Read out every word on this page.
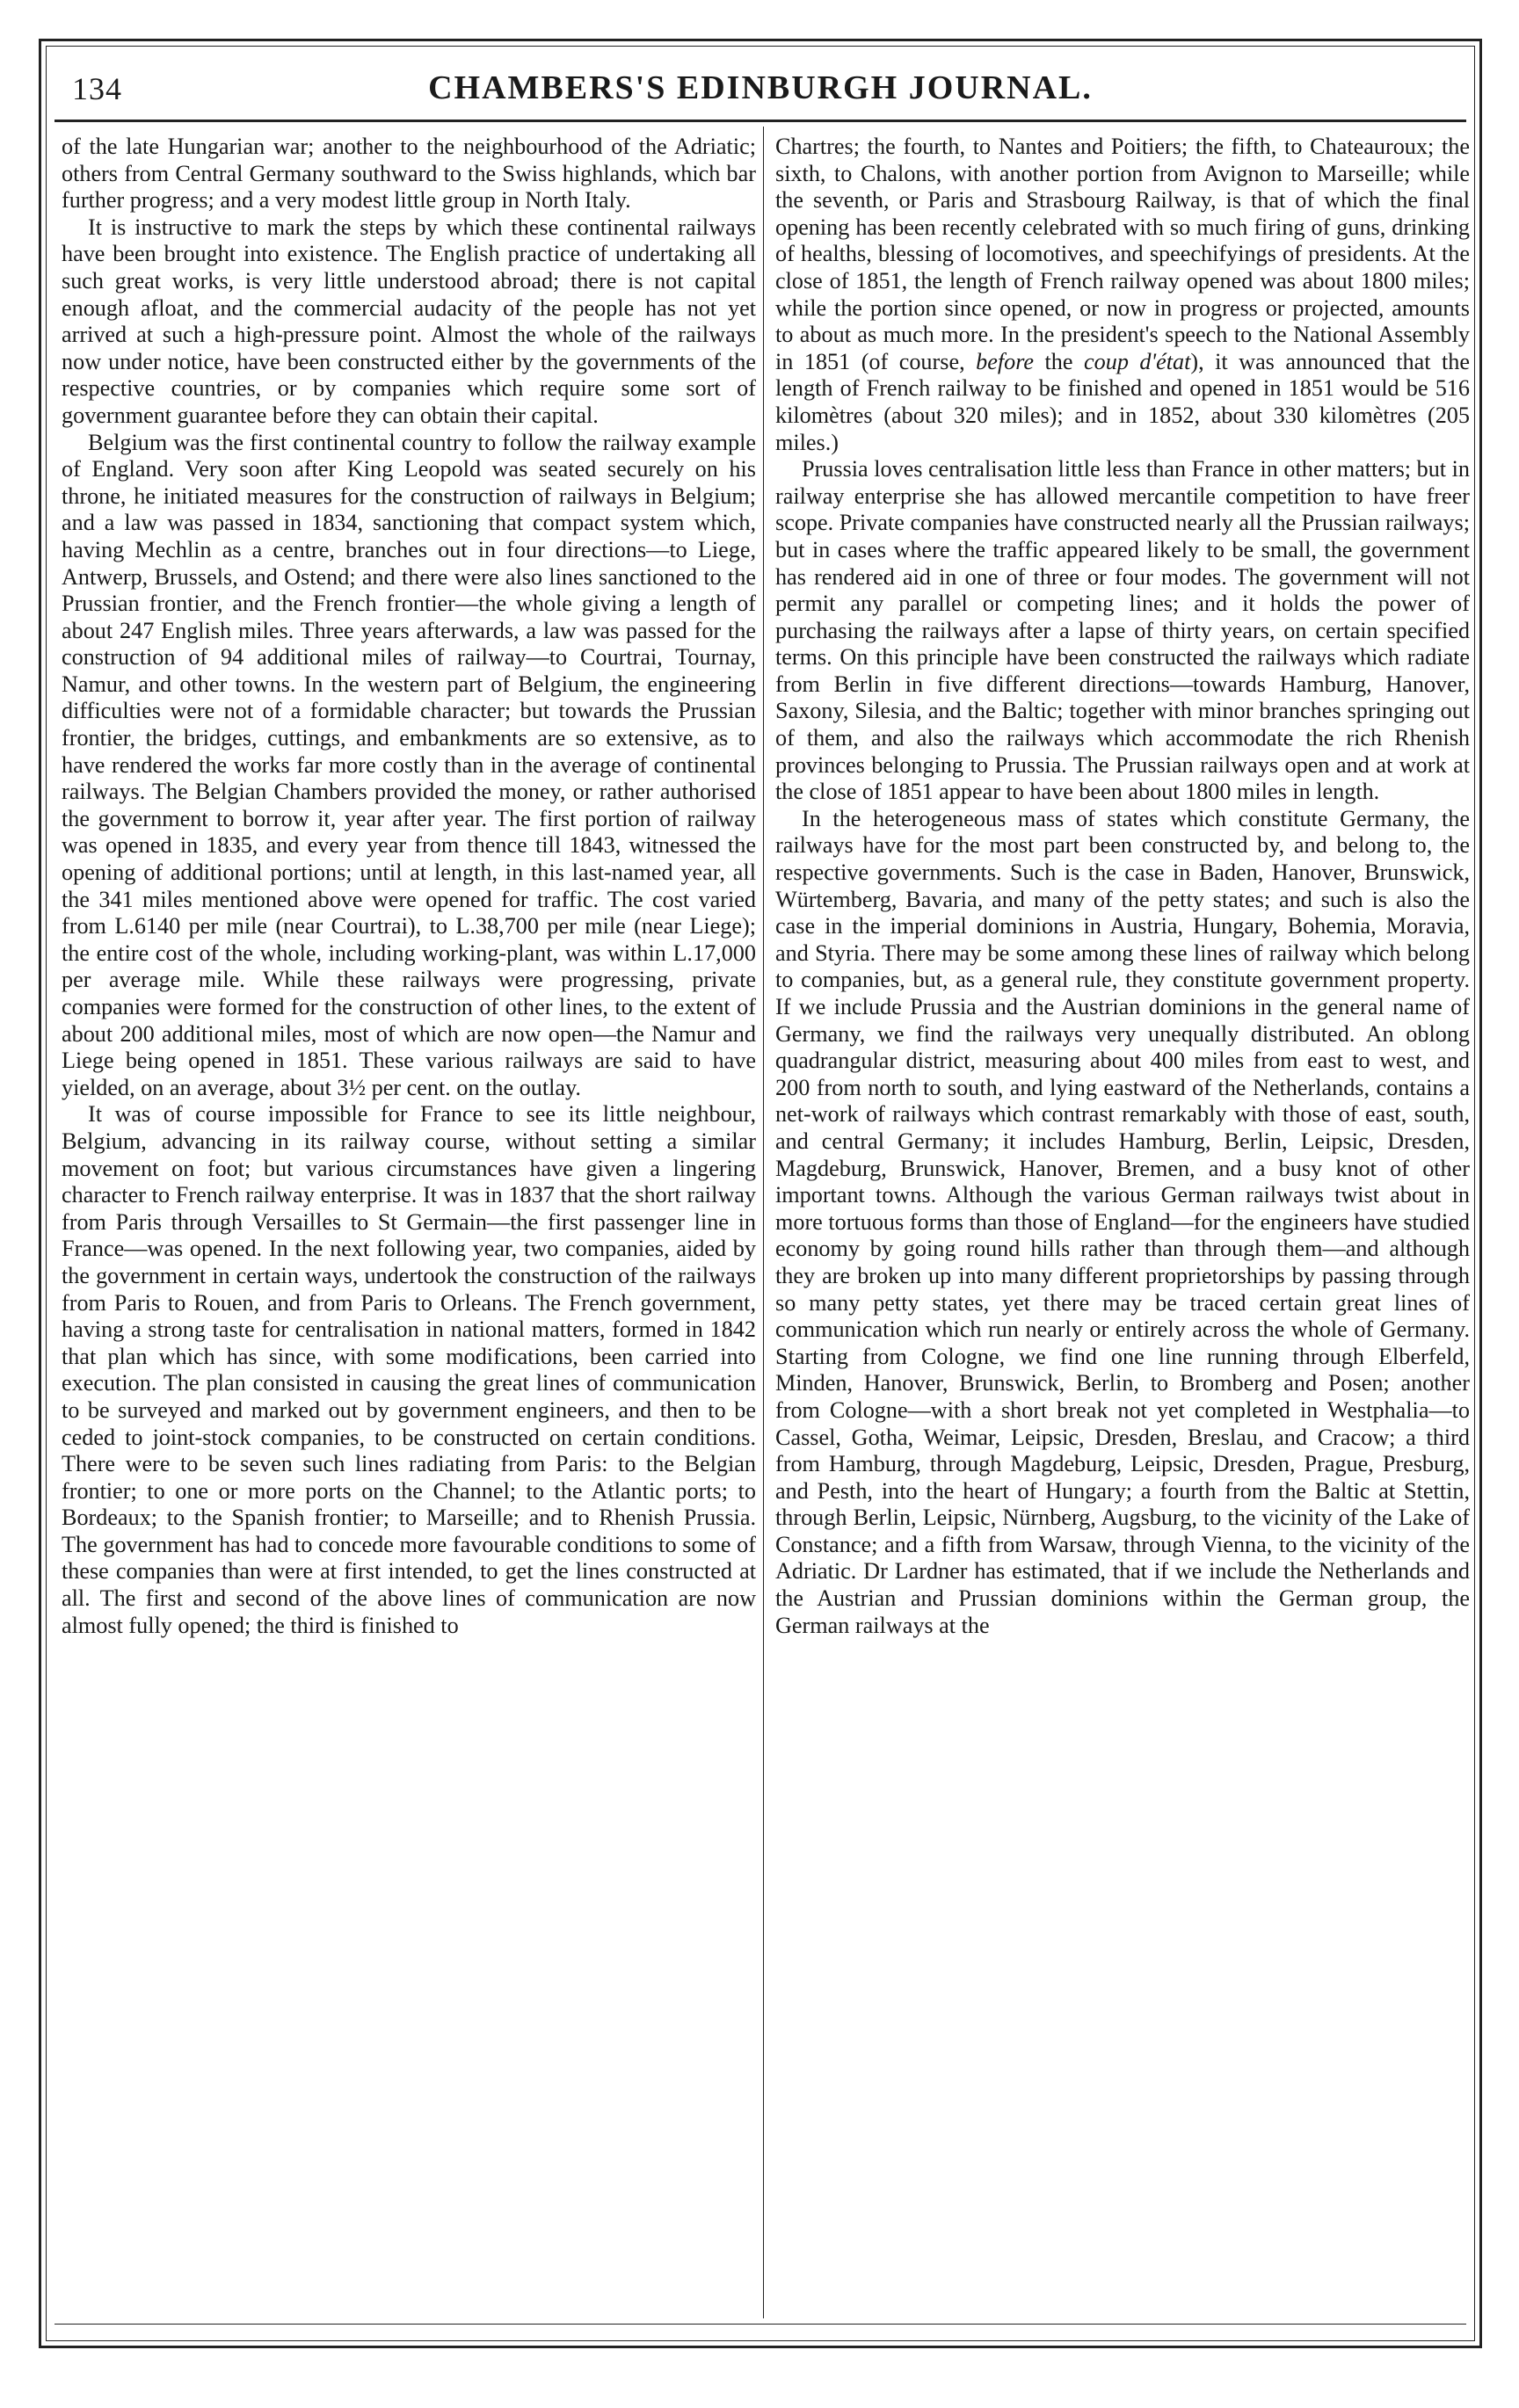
134	CHAMBERS'S EDINBURGH JOURNAL.

of the late Hungarian war; another to the neighbourhood of the Adriatic; others from Central Germany southward to the Swiss highlands, which bar further progress; and a very modest little group in North Italy.

It is instructive to mark the steps by which these continental railways have been brought into existence. The English practice of undertaking all such great works, is very little understood abroad; there is not capital enough afloat, and the commercial audacity of the people has not yet arrived at such a high-pressure point. Almost the whole of the railways now under notice, have been constructed either by the governments of the respective countries, or by companies which require some sort of government guarantee before they can obtain their capital.

Belgium was the first continental country to follow the railway example of England. Very soon after King Leopold was seated securely on his throne, he initiated measures for the construction of railways in Belgium; and a law was passed in 1834, sanctioning that compact system which, having Mechlin as a centre, branches out in four directions—to Liege, Antwerp, Brussels, and Ostend; and there were also lines sanctioned to the Prussian frontier, and the French frontier—the whole giving a length of about 247 English miles. Three years afterwards, a law was passed for the construction of 94 additional miles of railway—to Courtrai, Tournay, Namur, and other towns. In the western part of Belgium, the engineering difficulties were not of a formidable character; but towards the Prussian frontier, the bridges, cuttings, and embankments are so extensive, as to have rendered the works far more costly than in the average of continental railways. The Belgian Chambers provided the money, or rather authorised the government to borrow it, year after year. The first portion of railway was opened in 1835, and every year from thence till 1843, witnessed the opening of additional portions; until at length, in this last-named year, all the 341 miles mentioned above were opened for traffic. The cost varied from L.6140 per mile (near Courtrai), to L.38,700 per mile (near Liege); the entire cost of the whole, including working-plant, was within L.17,000 per average mile. While these railways were progressing, private companies were formed for the construction of other lines, to the extent of about 200 additional miles, most of which are now open—the Namur and Liege being opened in 1851. These various railways are said to have yielded, on an average, about 3½ per cent. on the outlay.

It was of course impossible for France to see its little neighbour, Belgium, advancing in its railway course, without setting a similar movement on foot; but various circumstances have given a lingering character to French railway enterprise. It was in 1837 that the short railway from Paris through Versailles to St Germain—the first passenger line in France—was opened. In the next following year, two companies, aided by the government in certain ways, undertook the construction of the railways from Paris to Rouen, and from Paris to Orleans. The French government, having a strong taste for centralisation in national matters, formed in 1842 that plan which has since, with some modifications, been carried into execution. The plan consisted in causing the great lines of communication to be surveyed and marked out by government engineers, and then to be ceded to joint-stock companies, to be constructed on certain conditions. There were to be seven such lines radiating from Paris: to the Belgian frontier; to one or more ports on the Channel; to the Atlantic ports; to Bordeaux; to the Spanish frontier; to Marseille; and to Rhenish Prussia. The government has had to concede more favourable conditions to some of these companies than were at first intended, to get the lines constructed at all. The first and second of the above lines of communication are now almost fully opened; the third is finished to

Chartres; the fourth, to Nantes and Poitiers; the fifth, to Chateauroux; the sixth, to Chalons, with another portion from Avignon to Marseille; while the seventh, or Paris and Strasbourg Railway, is that of which the final opening has been recently celebrated with so much firing of guns, drinking of healths, blessing of locomotives, and speechifyings of presidents. At the close of 1851, the length of French railway opened was about 1800 miles; while the portion since opened, or now in progress or projected, amounts to about as much more. In the president's speech to the National Assembly in 1851 (of course, before the coup d'état), it was announced that the length of French railway to be finished and opened in 1851 would be 516 kilomètres (about 320 miles); and in 1852, about 330 kilomètres (205 miles.)

Prussia loves centralisation little less than France in other matters; but in railway enterprise she has allowed mercantile competition to have freer scope. Private companies have constructed nearly all the Prussian railways; but in cases where the traffic appeared likely to be small, the government has rendered aid in one of three or four modes. The government will not permit any parallel or competing lines; and it holds the power of purchasing the railways after a lapse of thirty years, on certain specified terms. On this principle have been constructed the railways which radiate from Berlin in five different directions—towards Hamburg, Hanover, Saxony, Silesia, and the Baltic; together with minor branches springing out of them, and also the railways which accommodate the rich Rhenish provinces belonging to Prussia. The Prussian railways open and at work at the close of 1851 appear to have been about 1800 miles in length.

In the heterogeneous mass of states which constitute Germany, the railways have for the most part been constructed by, and belong to, the respective governments. Such is the case in Baden, Hanover, Brunswick, Würtemberg, Bavaria, and many of the petty states; and such is also the case in the imperial dominions in Austria, Hungary, Bohemia, Moravia, and Styria. There may be some among these lines of railway which belong to companies, but, as a general rule, they constitute government property. If we include Prussia and the Austrian dominions in the general name of Germany, we find the railways very unequally distributed. An oblong quadrangular district, measuring about 400 miles from east to west, and 200 from north to south, and lying eastward of the Netherlands, contains a net-work of railways which contrast remarkably with those of east, south, and central Germany; it includes Hamburg, Berlin, Leipsic, Dresden, Magdeburg, Brunswick, Hanover, Bremen, and a busy knot of other important towns. Although the various German railways twist about in more tortuous forms than those of England—for the engineers have studied economy by going round hills rather than through them—and although they are broken up into many different proprietorships by passing through so many petty states, yet there may be traced certain great lines of communication which run nearly or entirely across the whole of Germany. Starting from Cologne, we find one line running through Elberfeld, Minden, Hanover, Brunswick, Berlin, to Bromberg and Posen; another from Cologne—with a short break not yet completed in Westphalia—to Cassel, Gotha, Weimar, Leipsic, Dresden, Breslau, and Cracow; a third from Hamburg, through Magdeburg, Leipsic, Dresden, Prague, Presburg, and Pesth, into the heart of Hungary; a fourth from the Baltic at Stettin, through Berlin, Leipsic, Nürnberg, Augsburg, to the vicinity of the Lake of Constance; and a fifth from Warsaw, through Vienna, to the vicinity of the Adriatic. Dr Lardner has estimated, that if we include the Netherlands and the Austrian and Prussian dominions within the German group, the German railways at the
